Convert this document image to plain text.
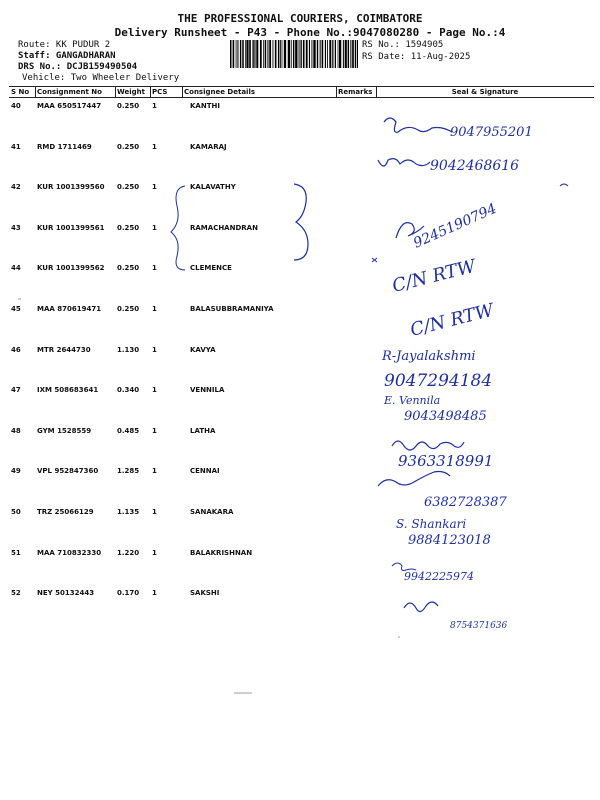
THE PROFESSIONAL COURIERS, COIMBATORE
Delivery Runsheet - P43 - Phone No.:9047080280 - Page No.:4
Route: KK PUDUR 2
Staff: GANGADHARAN
DRS No.: DCJB159490504
Vehicle: Two Wheeler Delivery
RS No.: 1594905
RS Date: 11-Aug-2025
S No	Consignment No	Weight	PCS	Consignee Details	Remarks	Seal & Signature
40	MAA 650517447	0.250	1	KANTHI		
41	RMD 1711469	0.250	1	KAMARAJ		
42	KUR 1001399560	0.250	1	KALAVATHY		
43	KUR 1001399561	0.250	1	RAMACHANDRAN		
44	KUR 1001399562	0.250	1	CLEMENCE		
45	MAA 870619471	0.250	1	BALASUBBRAMANIYA		
46	MTR 2644730	1.130	1	KAVYA		
47	IXM 508683641	0.340	1	VENNILA		
48	GYM 1528559	0.485	1	LATHA		
49	VPL 952847360	1.285	1	CENNAI		
50	TRZ 25066129	1.135	1	SANAKARA		
51	MAA 710832330	1.220	1	BALAKRISHNAN		
52	NEY 50132443	0.170	1	SAKSHI		
9047955201
9042468616
9245190794
C/N RTW
C/N RTW
R-Jayalakshmi
9047294184
E. Vennila
9043498485
9363318991
6382728387
S. Shankari
9884123018
9942225974
8754371636
